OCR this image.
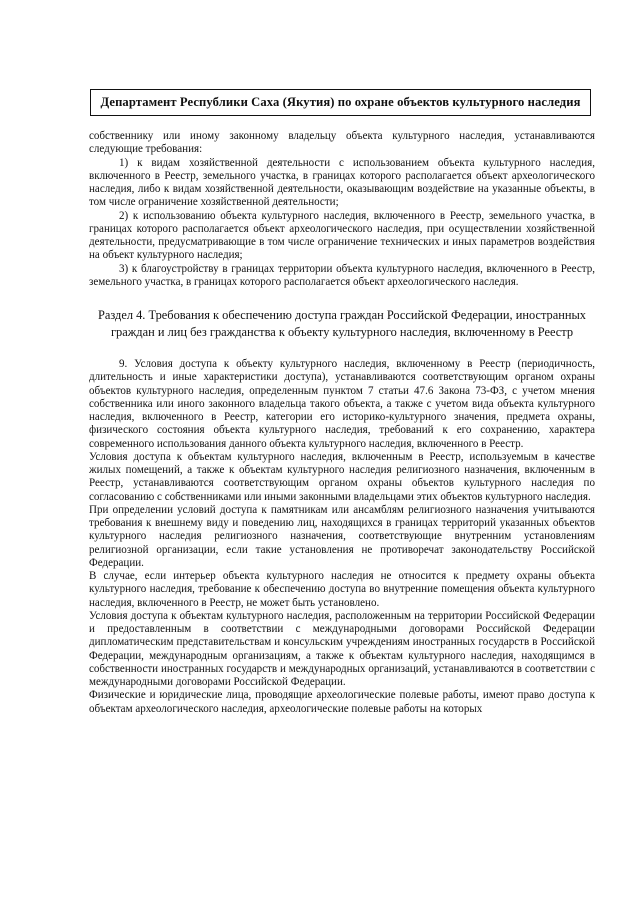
Департамент Республики Саха (Якутия) по охране объектов культурного наследия

собственнику или иному законному владельцу объекта культурного наследия, устанавливаются следующие требования:

1) к видам хозяйственной деятельности с использованием объекта культурного наследия, включенного в Реестр, земельного участка, в границах которого располагается объект археологического наследия, либо к видам хозяйственной деятельности, оказывающим воздействие на указанные объекты, в том числе ограничение хозяйственной деятельности;

2) к использованию объекта культурного наследия, включенного в Реестр, земельного участка, в границах которого располагается объект археологического наследия, при осуществлении хозяйственной деятельности, предусматривающие в том числе ограничение технических и иных параметров воздействия на объект культурного наследия;

3) к благоустройству в границах территории объекта культурного наследия, включенного в Реестр, земельного участка, в границах которого располагается объект археологического наследия.

Раздел 4. Требования к обеспечению доступа граждан Российской Федерации, иностранных граждан и лиц без гражданства к объекту культурного наследия, включенному в Реестр

9. Условия доступа к объекту культурного наследия, включенному в Реестр (периодичность, длительность и иные характеристики доступа), устанавливаются соответствующим органом охраны объектов культурного наследия, определенным пунктом 7 статьи 47.6 Закона 73-ФЗ, с учетом мнения собственника или иного законного владельца такого объекта, а также с учетом вида объекта культурного наследия, включенного в Реестр, категории его историко-культурного значения, предмета охраны, физического состояния объекта культурного наследия, требований к его сохранению, характера современного использования данного объекта культурного наследия, включенного в Реестр.

Условия доступа к объектам культурного наследия, включенным в Реестр, используемым в качестве жилых помещений, а также к объектам культурного наследия религиозного назначения, включенным в Реестр, устанавливаются соответствующим органом охраны объектов культурного наследия по согласованию с собственниками или иными законными владельцами этих объектов культурного наследия.

При определении условий доступа к памятникам или ансамблям религиозного назначения учитываются требования к внешнему виду и поведению лиц, находящихся в границах территорий указанных объектов культурного наследия религиозного назначения, соответствующие внутренним установлениям религиозной организации, если такие установления не противоречат законодательству Российской Федерации.

В случае, если интерьер объекта культурного наследия не относится к предмету охраны объекта культурного наследия, требование к обеспечению доступа во внутренние помещения объекта культурного наследия, включенного в Реестр, не может быть установлено.

Условия доступа к объектам культурного наследия, расположенным на территории Российской Федерации и предоставленным в соответствии с международными договорами Российской Федерации дипломатическим представительствам и консульским учреждениям иностранных государств в Российской Федерации, международным организациям, а также к объектам культурного наследия, находящимся в собственности иностранных государств и международных организаций, устанавливаются в соответствии с международными договорами Российской Федерации.

Физические и юридические лица, проводящие археологические полевые работы, имеют право доступа к объектам археологического наследия, археологические полевые работы на которых
